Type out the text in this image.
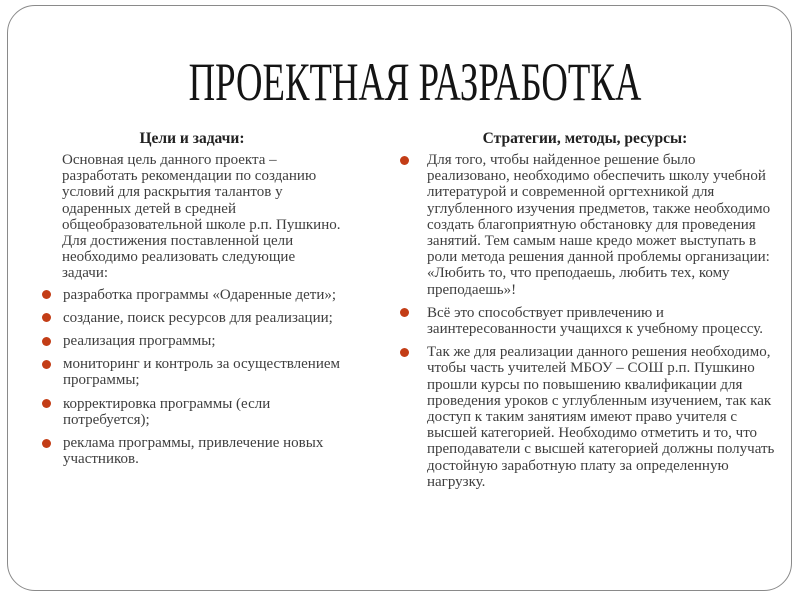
ПРОЕКТНАЯ РАЗРАБОТКА
Цели и задачи:

Основная цель данного проекта – разработать рекомендации по созданию условий для раскрытия талантов у одаренных детей в средней общеобразовательной школе р.п. Пушкино. Для достижения поставленной цели необходимо реализовать следующие задачи:

разработка программы «Одаренные дети»;
создание, поиск ресурсов для реализации;
реализация программы;
мониторинг и контроль за осуществлением программы;
корректировка программы (если потребуется);
реклама программы, привлечение новых участников.
Стратегии, методы, ресурсы:
Для того, чтобы найденное решение было реализовано, необходимо обеспечить школу учебной литературой и современной оргтехникой для углубленного изучения предметов, также необходимо создать благоприятную обстановку для проведения занятий. Тем самым наше кредо может выступать в роли метода решения данной проблемы организации: «Любить то, что преподаешь, любить тех, кому преподаешь»!
Всё это способствует привлечению и заинтересованности учащихся к учебному процессу.
Так же для реализации данного решения необходимо, чтобы часть учителей МБОУ – СОШ р.п. Пушкино прошли курсы по повышению квалификации для проведения уроков с углубленным изучением, так как доступ к таким занятиям имеют право учителя с высшей категорией. Необходимо отметить и то, что преподаватели с высшей категорией должны получать достойную заработную плату за определенную нагрузку.
